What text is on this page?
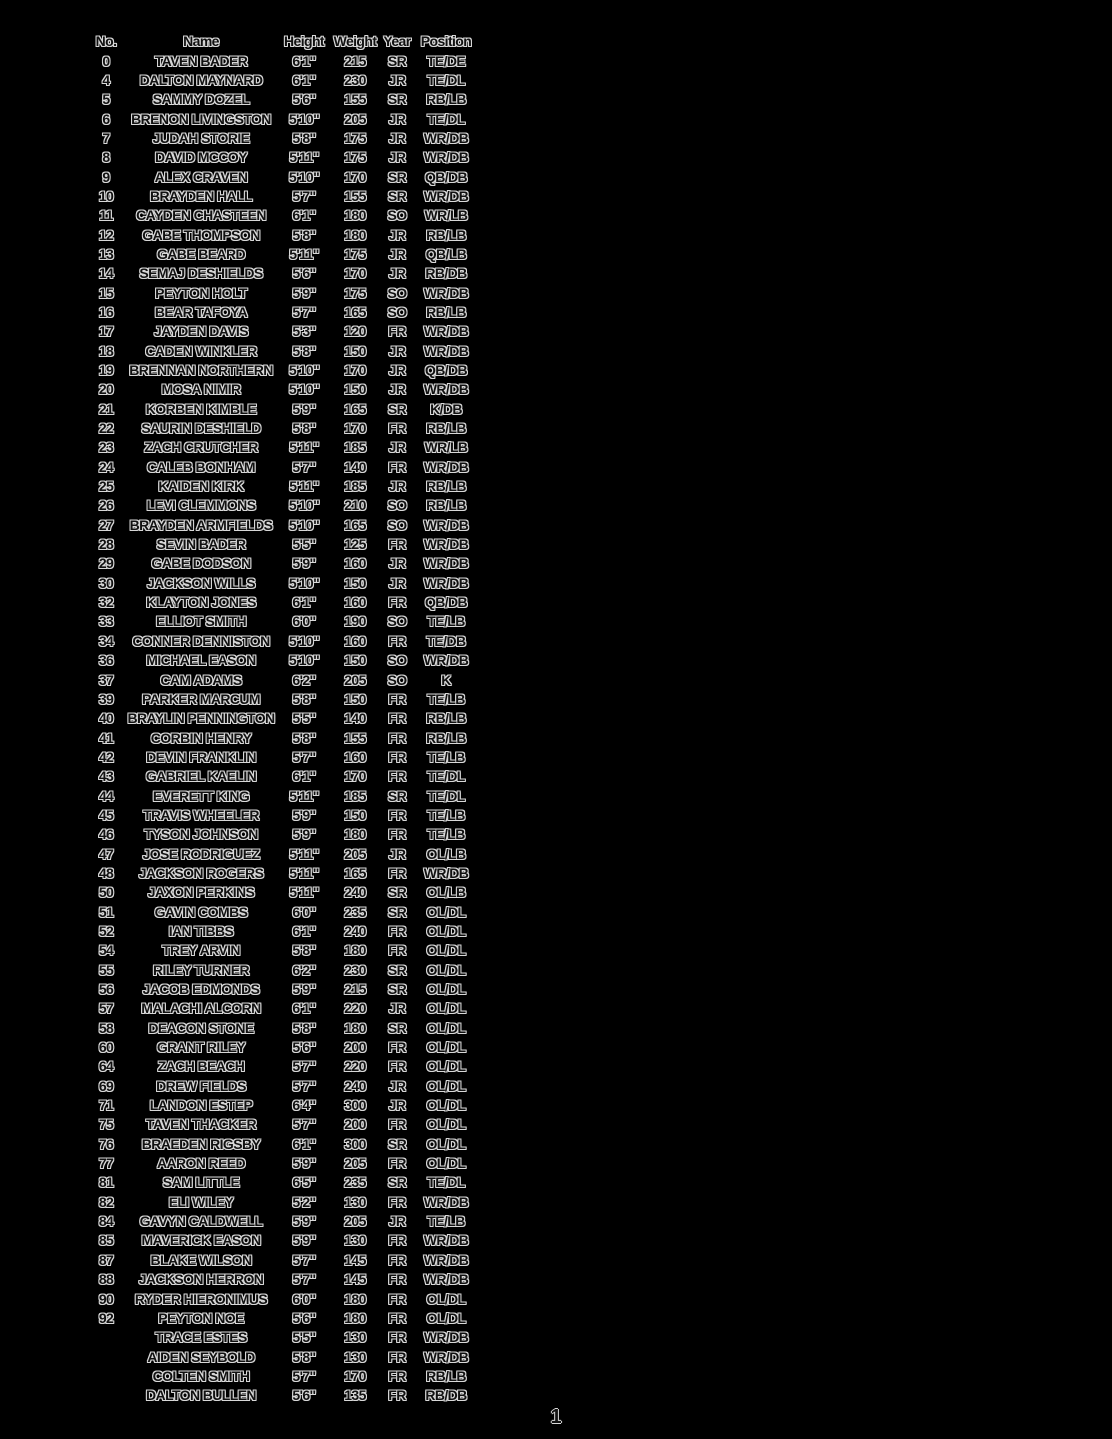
No.	Name	Height	Weight	Year	Position
0	TAVEN BADER	6'1"	215	SR	TE/DE
4	DALTON MAYNARD	6'1"	230	JR	TE/DL
5	SAMMY DOZEL	5'6"	155	SR	RB/LB
6	BRENON LIVINGSTON	5'10"	205	JR	TE/DL
7	JUDAH STORIE	5'8"	175	JR	WR/DB
8	DAVID MCCOY	5'11"	175	JR	WR/DB
9	ALEX CRAVEN	5'10"	170	SR	QB/DB
10	BRAYDEN HALL	5'7"	155	SR	WR/DB
11	CAYDEN CHASTEEN	6'1"	180	SO	WR/LB
12	GABE THOMPSON	5'8"	180	JR	RB/LB
13	GABE BEARD	5'11"	175	JR	QB/LB
14	SEMAJ DESHIELDS	5'6"	170	JR	RB/DB
15	PEYTON HOLT	5'9"	175	SO	WR/DB
16	BEAR TAFOYA	5'7"	165	SO	RB/LB
17	JAYDEN DAVIS	5'3"	120	FR	WR/DB
18	CADEN WINKLER	5'8"	150	JR	WR/DB
19	BRENNAN NORTHERN	5'10"	170	JR	QB/DB
20	MOSA NIMIR	5'10"	150	JR	WR/DB
21	KORBEN KIMBLE	5'9"	165	SR	K/DB
22	SAURIN DESHIELD	5'8"	170	FR	RB/LB
23	ZACH CRUTCHER	5'11"	185	JR	WR/LB
24	CALEB BONHAM	5'7"	140	FR	WR/DB
25	KAIDEN KIRK	5'11"	185	JR	RB/LB
26	LEVI CLEMMONS	5'10"	210	SO	RB/LB
27	BRAYDEN ARMFIELDS	5'10"	165	SO	WR/DB
28	SEVIN BADER	5'5"	125	FR	WR/DB
29	GABE DODSON	5'9"	160	JR	WR/DB
30	JACKSON WILLS	5'10"	150	JR	WR/DB
32	KLAYTON JONES	6'1"	160	FR	QB/DB
33	ELLIOT SMITH	6'0"	190	SO	TE/LB
34	CONNER DENNISTON	5'10"	160	FR	TE/DB
36	MICHAEL EASON	5'10"	150	SO	WR/DB
37	CAM ADAMS	6'2"	205	SO	K
39	PARKER MARCUM	5'8"	150	FR	TE/LB
40	BRAYLIN PENNINGTON	5'5"	140	FR	RB/LB
41	CORBIN HENRY	5'8"	155	FR	RB/LB
42	DEVIN FRANKLIN	5'7"	160	FR	TE/LB
43	GABRIEL KAELIN	6'1"	170	FR	TE/DL
44	EVERETT KING	5'11"	185	SR	TE/DL
45	TRAVIS WHEELER	5'9"	150	FR	TE/LB
46	TYSON JOHNSON	5'9"	180	FR	TE/LB
47	JOSE RODRIGUEZ	5'11"	205	JR	OL/LB
48	JACKSON ROGERS	5'11"	165	FR	WR/DB
50	JAXON PERKINS	5'11"	240	SR	OL/LB
51	GAVIN COMBS	6'0"	235	SR	OL/DL
52	IAN TIBBS	6'1"	240	FR	OL/DL
54	TREY ARVIN	5'8"	180	FR	OL/DL
55	RILEY TURNER	6'2"	230	SR	OL/DL
56	JACOB EDMONDS	5'9"	215	SR	OL/DL
57	MALACHI ALCORN	6'1"	220	JR	OL/DL
58	DEACON STONE	5'8"	180	SR	OL/DL
60	GRANT RILEY	5'6"	200	FR	OL/DL
64	ZACH BEACH	5'7"	220	FR	OL/DL
69	DREW FIELDS	5'7"	240	JR	OL/DL
71	LANDON ESTEP	6'4"	300	JR	OL/DL
75	TAVEN THACKER	5'7"	200	FR	OL/DL
76	BRAEDEN RIGSBY	6'1"	300	SR	OL/DL
77	AARON REED	5'9"	205	FR	OL/DL
81	SAM LITTLE	6'5"	235	SR	TE/DL
82	ELI WILEY	5'2"	130	FR	WR/DB
84	GAVYN CALDWELL	5'9"	205	JR	TE/LB
85	MAVERICK EASON	5'9"	130	FR	WR/DB
87	BLAKE WILSON	5'7"	145	FR	WR/DB
88	JACKSON HERRON	5'7"	145	FR	WR/DB
90	RYDER HIERONIMUS	6'0"	180	FR	OL/DL
92	PEYTON NOE	5'6"	180	FR	OL/DL
	TRACE ESTES	5'5"	130	FR	WR/DB
	AIDEN SEYBOLD	5'8"	130	FR	WR/DB
	COLTEN SMITH	5'7"	170	FR	RB/LB
	DALTON BULLEN	5'6"	135	FR	RB/DB
1
